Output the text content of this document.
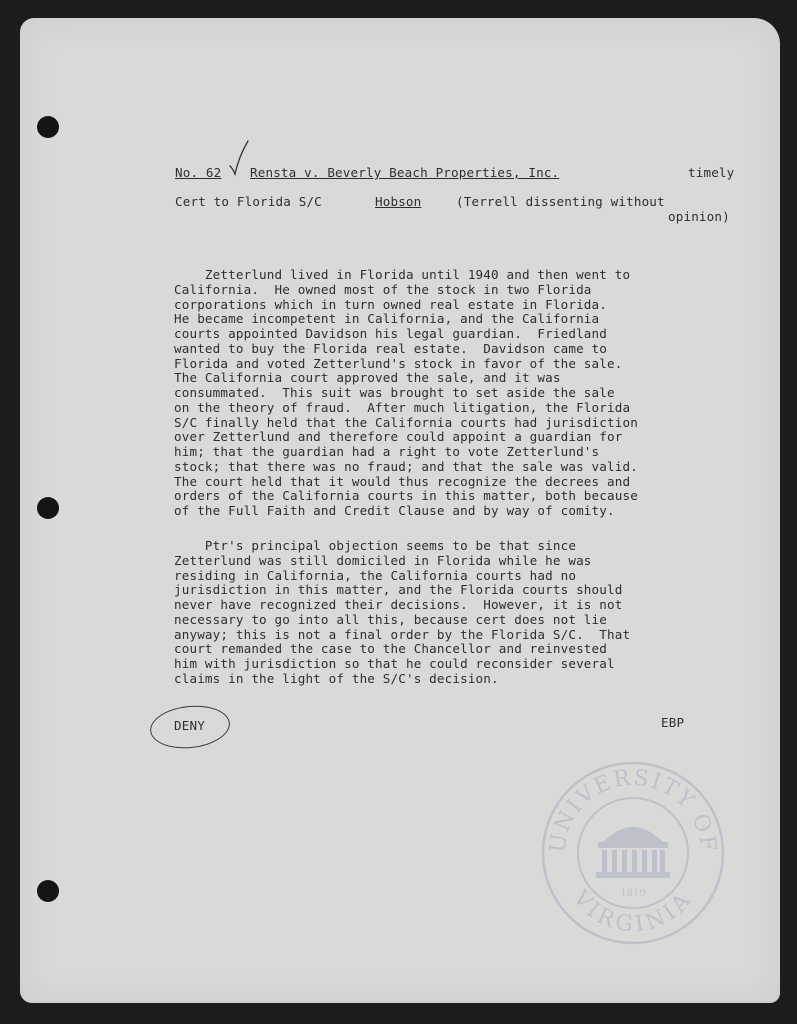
No. 62 Rensta v. Beverly Beach Properties, Inc.	timely
Cert to Florida S/C	Hobson	(Terrell dissenting without
opinion)
Zetterlund lived in Florida until 1940 and then went to
California.  He owned most of the stock in two Florida
corporations which in turn owned real estate in Florida.
He became incompetent in California, and the California
courts appointed Davidson his legal guardian.  Friedland
wanted to buy the Florida real estate.  Davidson came to
Florida and voted Zetterlund's stock in favor of the sale.
The California court approved the sale, and it was
consummated.  This suit was brought to set aside the sale
on the theory of fraud.  After much litigation, the Florida
S/C finally held that the California courts had jurisdiction
over Zetterlund and therefore could appoint a guardian for
him; that the guardian had a right to vote Zetterlund's
stock; that there was no fraud; and that the sale was valid.
The court held that it would thus recognize the decrees and
orders of the California courts in this matter, both because
of the Full Faith and Credit Clause and by way of comity.
Ptr's principal objection seems to be that since
Zetterlund was still domiciled in Florida while he was
residing in California, the California courts had no
jurisdiction in this matter, and the Florida courts should
never have recognized their decisions.  However, it is not
necessary to go into all this, because cert does not lie
anyway; this is not a final order by the Florida S/C.  That
court remanded the case to the Chancellor and reinvested
him with jurisdiction so that he could reconsider several
claims in the light of the S/C's decision.
DENY	EBP
UNIVERSITY OF
VIRGINIA
1819
